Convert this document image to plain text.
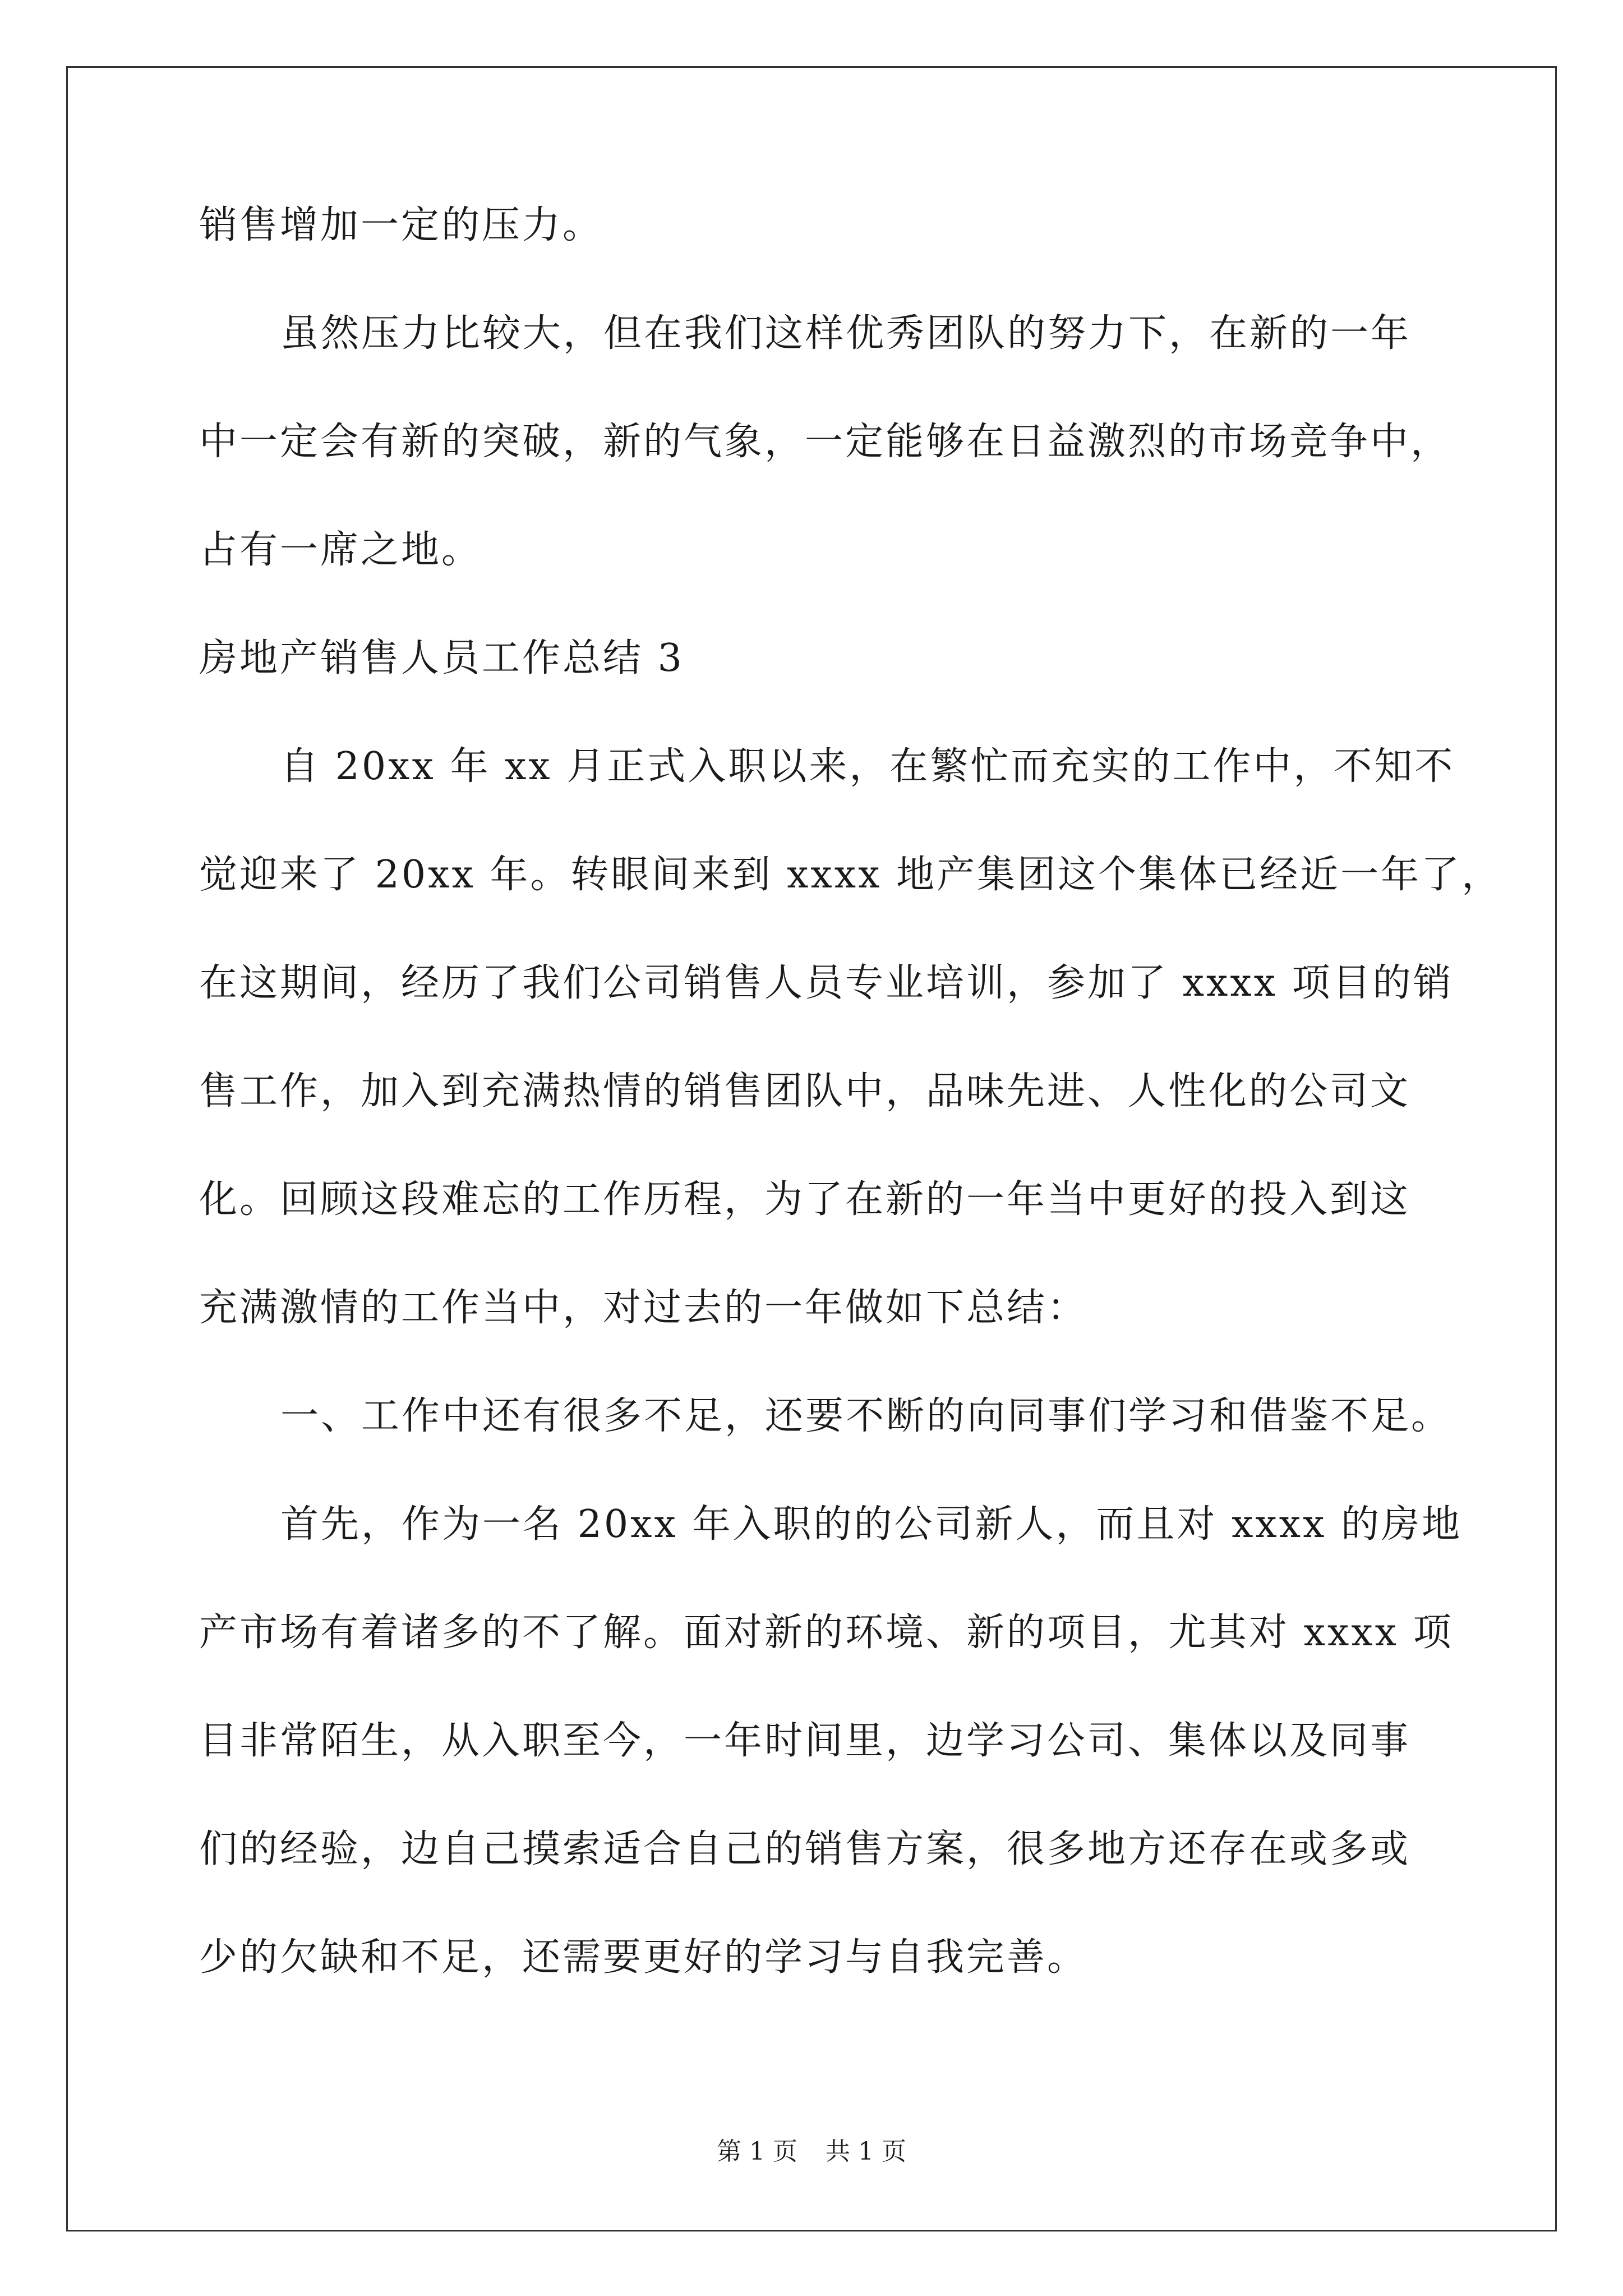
销售增加一定的压力。
虽然压力比较大，但在我们这样优秀团队的努力下，在新的一年
中一定会有新的突破，新的气象，一定能够在日益激烈的市场竞争中，
占有一席之地。
房地产销售人员工作总结 3
自 20xx 年 xx 月正式入职以来，在繁忙而充实的工作中，不知不
觉迎来了 20xx 年。转眼间来到 xxxx 地产集团这个集体已经近一年了，
在这期间，经历了我们公司销售人员专业培训，参加了 xxxx 项目的销
售工作，加入到充满热情的销售团队中，品味先进、人性化的公司文
化。回顾这段难忘的工作历程，为了在新的一年当中更好的投入到这
充满激情的工作当中，对过去的一年做如下总结：
一、工作中还有很多不足，还要不断的向同事们学习和借鉴不足。
首先，作为一名 20xx 年入职的的公司新人，而且对 xxxx 的房地
产市场有着诸多的不了解。面对新的环境、新的项目，尤其对 xxxx 项
目非常陌生，从入职至今，一年时间里，边学习公司、集体以及同事
们的经验，边自己摸索适合自己的销售方案，很多地方还存在或多或
少的欠缺和不足，还需要更好的学习与自我完善。
第 1 页 共 1 页
